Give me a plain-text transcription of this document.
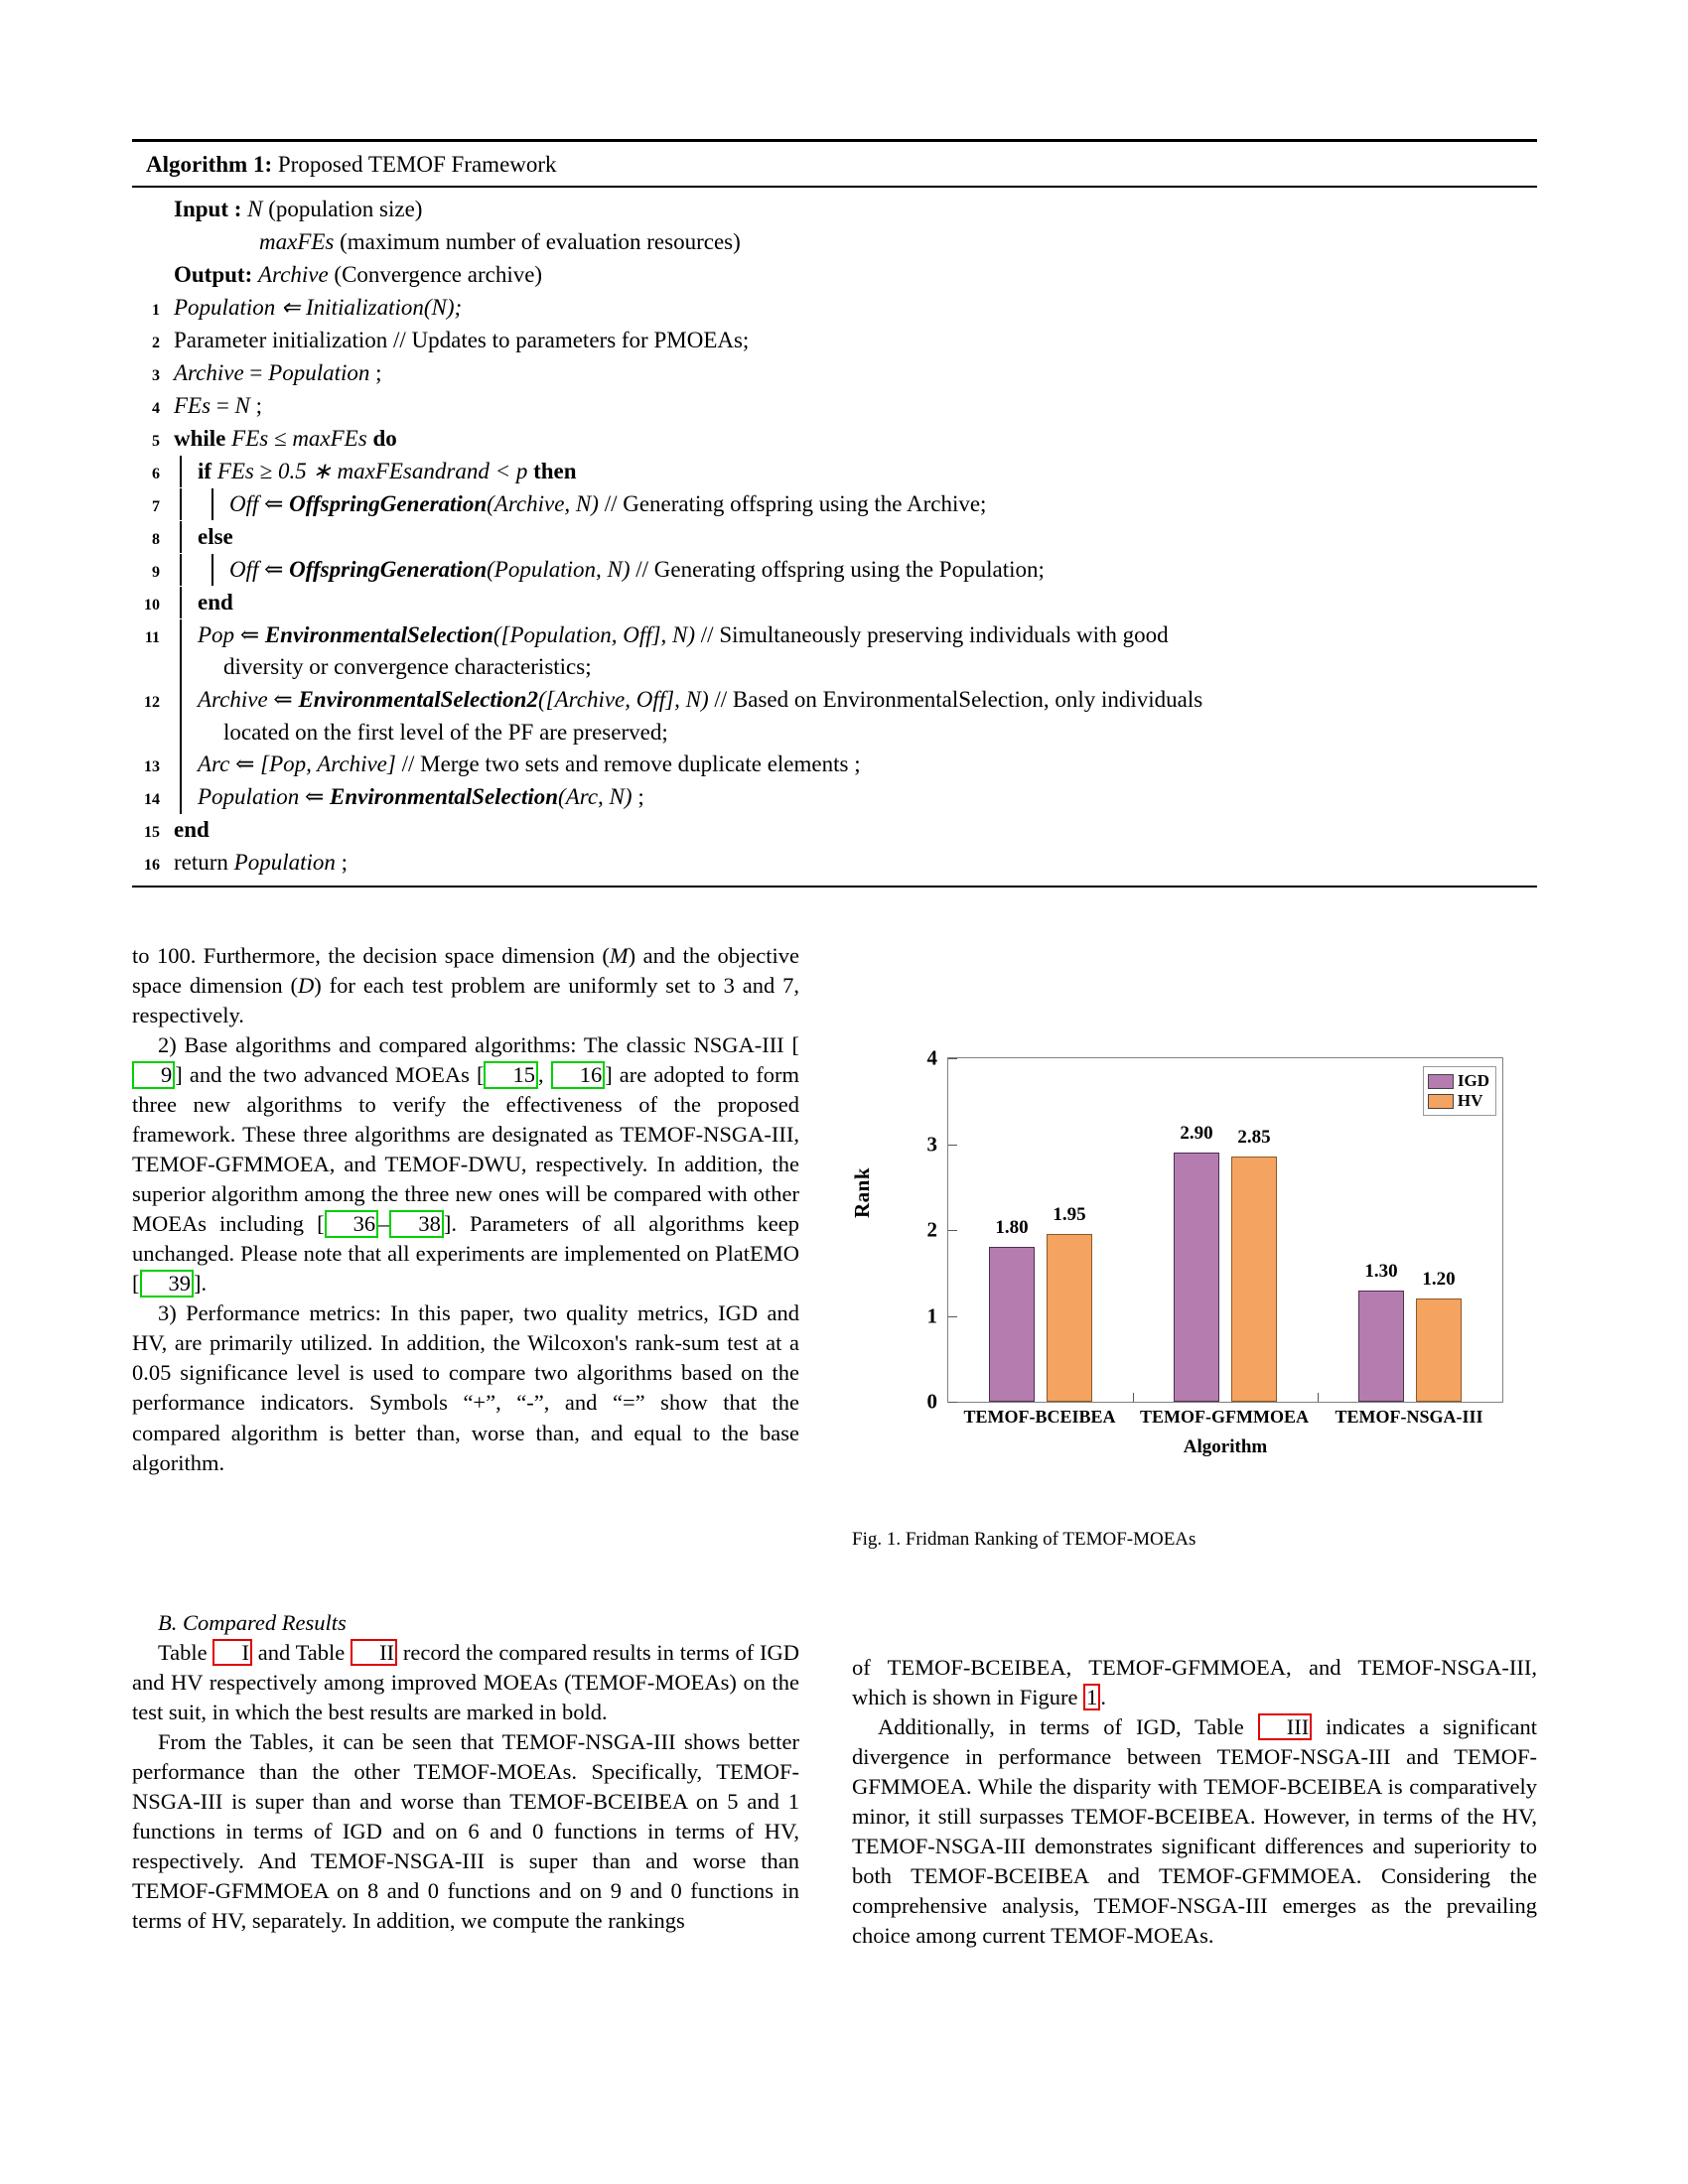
Algorithm 1: Proposed TEMOF Framework
Input : N (population size)
maxFEs (maximum number of evaluation resources)
Output: Archive (Convergence archive)
1 Population ⇐ Initialization(N);
2 Parameter initialization // Updates to parameters for PMOEAs;
3 Archive = Population ;
4 FEs = N ;
5 while FEs ≤ maxFEs do
6	if FEs ≥ 0.5 ∗ maxFEsandrand < p then
7	Off ⇐ OffspringGeneration(Archive, N) // Generating offspring using the Archive;
8	else
9	Off ⇐ OffspringGeneration(Population, N) // Generating offspring using the Population;
10	end
11	Pop ⇐ EnvironmentalSelection([Population, Off], N) // Simultaneously preserving individuals with good
diversity or convergence characteristics;
12	Archive ⇐ EnvironmentalSelection2([Archive, Off], N) // Based on EnvironmentalSelection, only individuals
located on the first level of the PF are preserved;
13	Arc ⇐ [Pop, Archive] // Merge two sets and remove duplicate elements ;
14	Population ⇐ EnvironmentalSelection(Arc, N) ;
15 end
16 return Population ;

to 100. Furthermore, the decision space dimension (M) and the objective space dimension (D) for each test problem are uniformly set to 3 and 7, respectively.

2) Base algorithms and compared algorithms: The classic NSGA-III [9 ] and the two advanced MOEAs [ 15 , 16 ] are adopted to form three new algorithms to verify the effectiveness of the proposed framework. These three algorithms are designated as TEMOF-NSGA-III, TEMOF-GFMMOEA, and TEMOF-DWU, respectively. In addition, the superior algorithm among the three new ones will be compared with other MOEAs including [ 36 – 38 ]. Parameters of all algorithms keep unchanged. Please note that all experiments are implemented on PlatEMO [ 39 ].

3) Performance metrics: In this paper, two quality metrics, IGD and HV, are primarily utilized. In addition, the Wilcoxon's rank-sum test at a 0.05 significance level is used to compare two algorithms based on the performance indicators. Symbols “+”, “-”, and “=” show that the compared algorithm is better than, worse than, and equal to the base algorithm.

B. Compared Results

Table I and Table II record the compared results in terms of IGD and HV respectively among improved MOEAs (TEMOF-MOEAs) on the test suit, in which the best results are marked in bold.

From the Tables, it can be seen that TEMOF-NSGA-III shows better performance than the other TEMOF-MOEAs. Specifically, TEMOF-NSGA-III is super than and worse than TEMOF-BCEIBEA on 5 and 1 functions in terms of IGD and on 6 and 0 functions in terms of HV, respectively. And TEMOF-NSGA-III is super than and worse than TEMOF-GFMMOEA on 8 and 0 functions and on 9 and 0 functions in terms of HV, separately. In addition, we compute the rankings

Rank
IGD
HV
0
1
2
3
4
1.80
1.95
2.90 2.85
1.30 1.20
Algorithm
TEMOF-BCEIBEA TEMOF-GFMMOEA TEMOF-NSGA-III
Fig. 1. Fridman Ranking of TEMOF-MOEAs

of TEMOF-BCEIBEA, TEMOF-GFMMOEA, and TEMOF-NSGA-III, which is shown in Figure 1 .

Additionally, in terms of IGD, Table III indicates a significant divergence in performance between TEMOF-NSGA-III and TEMOF-GFMMOEA. While the disparity with TEMOF-BCEIBEA is comparatively minor, it still surpasses TEMOF-BCEIBEA. However, in terms of the HV, TEMOF-NSGA-III demonstrates significant differences and superiority to both TEMOF-BCEIBEA and TEMOF-GFMMOEA. Considering the comprehensive analysis, TEMOF-NSGA-III emerges as the prevailing choice among current TEMOF-MOEAs.
